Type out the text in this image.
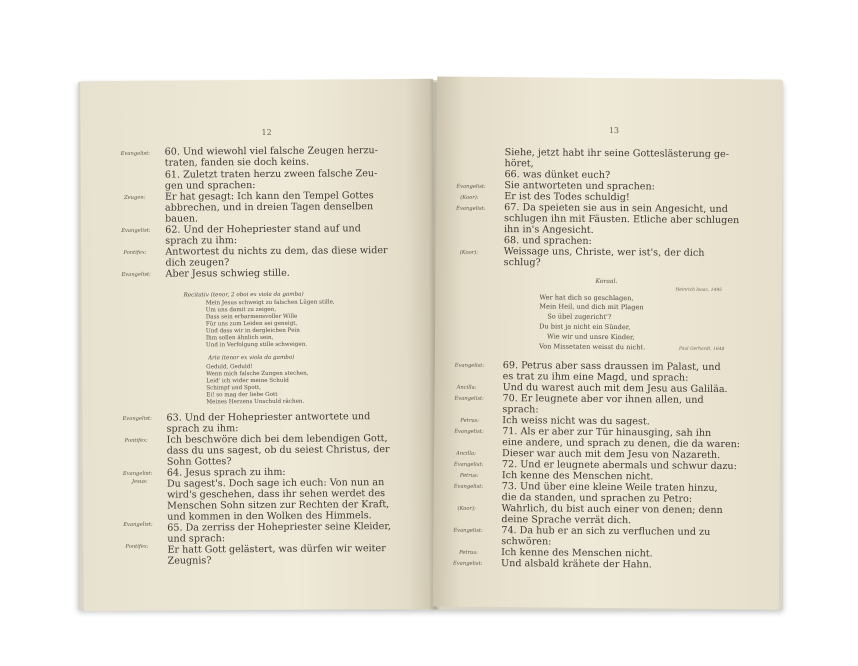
12
Evangelist:
Zeugen:
Evangelist:
Pontifex:
Evangelist:
Evangelist:
Pontifex:
Evangelist:
Jesus:
Evangelist:
Pontifex:
60. Und wiewohl viel falsche Zeugen herzu-
traten, fanden sie doch keins.
61. Zuletzt traten herzu zween falsche Zeu-
gen und sprachen:
Er hat gesagt: Ich kann den Tempel Gottes
abbrechen, und in dreien Tagen denselben
bauen.
62. Und der Hohepriester stand auf und
sprach zu ihm:
Antwortest du nichts zu dem, das diese wider
dich zeugen?
Aber Jesus schwieg stille.
Recitativ (tenor, 2 oboi ex viola da gamba)
Mein Jesus schweigt zu falschen Lügen stille,
Um uns damit zu zeigen,
Dass sein erbarmensvoller Wille
Für uns zum Leiden sei geneigt,
Und dass wir in dergleichen Pein
Ihm sollen ähnlich sein,
Und in Verfolgung stille schweigen.
Aria (tenor ex viola da gamba)
Geduld, Geduld!
Wenn mich falsche Zungen stechen,
Leid' ich wider meine Schuld
Schimpf und Spott,
Ei! so mag der liebe Gott
Meines Herzens Unschuld rächen.
63. Und der Hohepriester antwortete und
sprach zu ihm:
Ich beschwöre dich bei dem lebendigen Gott,
dass du uns sagest, ob du seiest Christus, der
Sohn Gottes?
64. Jesus sprach zu ihm:
Du sagest's. Doch sage ich euch: Von nun an
wird's geschehen, dass ihr sehen werdet des
Menschen Sohn sitzen zur Rechten der Kraft,
und kommen in den Wolken des Himmels.
65. Da zerriss der Hohepriester seine Kleider,
und sprach:
Er hatt Gott gelästert, was dürfen wir weiter
Zeugnis?
13
Evangelist:
(Koor):
Evangelist:
(Koor):
Evangelist:
Ancilla:
Evangelist:
Petrus:
Evangelist:
Ancilla:
Evangelist:
Petrus:
Evangelist:
(Koor):
Evangelist:
Petrus:
Evangelist:
Siehe, jetzt habt ihr seine Gotteslästerung ge-
höret,
66. was dünket euch?
Sie antworteten und sprachen:
Er ist des Todes schuldig!
67. Da speieten sie aus in sein Angesicht, und
schlugen ihn mit Fäusten. Etliche aber schlugen
ihn in's Angesicht.
68. und sprachen:
Weissage uns, Christe, wer ist's, der dich
schlug?
Koraal.
Heinrich Isaac, 1495
Wer hat dich so geschlagen,
Mein Heil, und dich mit Plagen
So übel zugericht'?
Du bist ja nicht ein Sünder,
Wie wir und unsre Kinder,
Von Missetaten weisst du nicht.	Paul Gerhardt, 1648
69. Petrus aber sass draussen im Palast, und
es trat zu ihm eine Magd, und sprach:
Und du warest auch mit dem Jesu aus Galiläa.
70. Er leugnete aber vor ihnen allen, und
sprach:
Ich weiss nicht was du sagest.
71. Als er aber zur Tür hinausging, sah ihn
eine andere, und sprach zu denen, die da waren:
Dieser war auch mit dem Jesu von Nazareth.
72. Und er leugnete abermals und schwur dazu:
Ich kenne des Menschen nicht.
73. Und über eine kleine Weile traten hinzu,
die da standen, und sprachen zu Petro:
Wahrlich, du bist auch einer von denen; denn
deine Sprache verrät dich.
74. Da hub er an sich zu verfluchen und zu
schwören:
Ich kenne des Menschen nicht.
Und alsbald krähete der Hahn.
